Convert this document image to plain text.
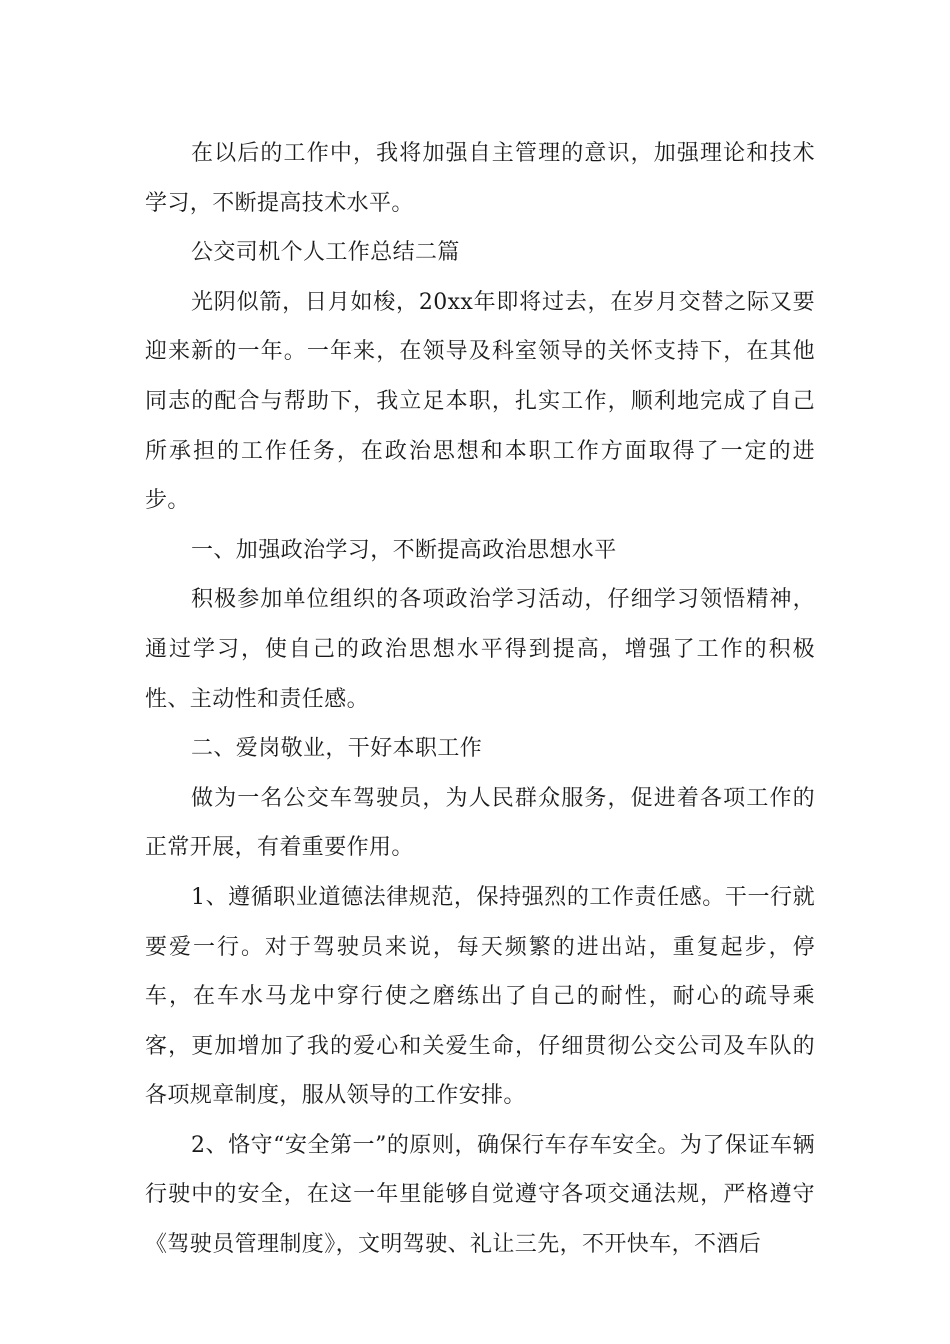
在以后的工作中，我将加强自主管理的意识，加强理论和技术学习，不断提高技术水平。

公交司机个人工作总结二篇

光阴似箭，日月如梭，20xx年即将过去，在岁月交替之际又要迎来新的一年。一年来，在领导及科室领导的关怀支持下，在其他同志的配合与帮助下，我立足本职，扎实工作，顺利地完成了自己所承担的工作任务，在政治思想和本职工作方面取得了一定的进步。

一、加强政治学习，不断提高政治思想水平

积极参加单位组织的各项政治学习活动，仔细学习领悟精神，通过学习，使自己的政治思想水平得到提高，增强了工作的积极性、主动性和责任感。

二、爱岗敬业，干好本职工作

做为一名公交车驾驶员，为人民群众服务，促进着各项工作的正常开展，有着重要作用。

1、遵循职业道德法律规范，保持强烈的工作责任感。干一行就要爱一行。对于驾驶员来说，每天频繁的进出站，重复起步，停车，在车水马龙中穿行使之磨练出了自己的耐性，耐心的疏导乘客，更加增加了我的爱心和关爱生命，仔细贯彻公交公司及车队的各项规章制度，服从领导的工作安排。

2、恪守“安全第一”的原则，确保行车存车安全。为了保证车辆行驶中的安全，在这一年里能够自觉遵守各项交通法规，严格遵守《驾驶员管理制度》，文明驾驶、礼让三先，不开快车，不酒后
